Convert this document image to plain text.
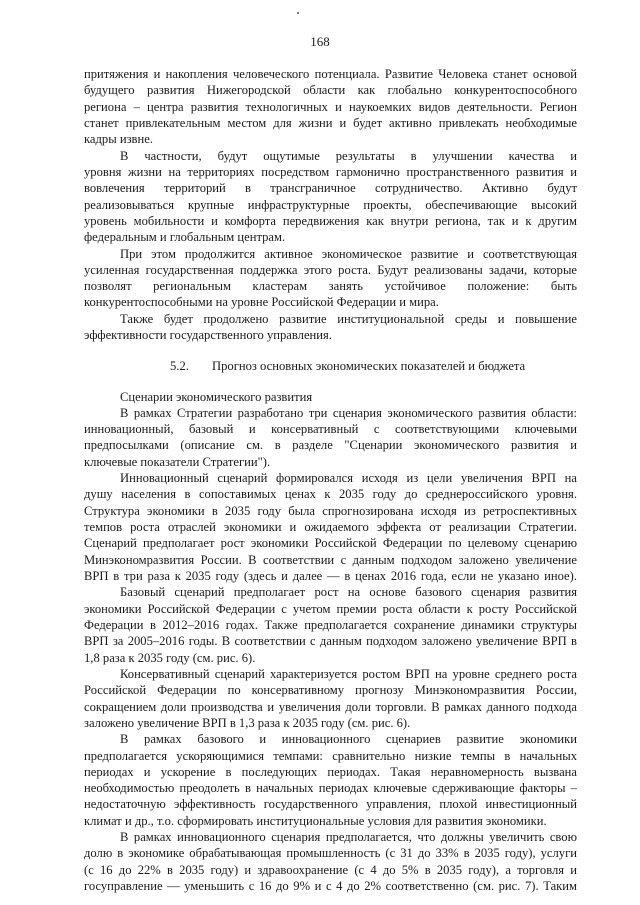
168
притяжения и накопления человеческого потенциала. Развитие Человека станет основой
будущего развития Нижегородской области как глобально конкурентоспособного
региона – центра развития технологичных и наукоемких видов деятельности. Регион
станет привлекательным местом для жизни и будет активно привлекать необходимые
кадры извне.
В частности, будут ощутимые результаты в улучшении качества и
уровня жизни на территориях посредством гармонично пространственного развития и
вовлечения территорий в трансграничное сотрудничество. Активно будут
реализовываться крупные инфраструктурные проекты, обеспечивающие высокий
уровень мобильности и комфорта передвижения как внутри региона, так и к другим
федеральным и глобальным центрам.
При этом продолжится активное экономическое развитие и соответствующая
усиленная государственная поддержка этого роста. Будут реализованы задачи, которые
позволят региональным кластерам занять устойчивое положение: быть
конкурентоспособными на уровне Российской Федерации и мира.
Также будет продолжено развитие институциональной среды и повышение
эффективности государственного управления.
5.2. Прогноз основных экономических показателей и бюджета
Сценарии экономического развития
В рамках Стратегии разработано три сценария экономического развития области:
инновационный, базовый и консервативный с соответствующими ключевыми
предпосылками (описание см. в разделе "Сценарии экономического развития и
ключевые показатели Стратегии").
Инновационный сценарий формировался исходя из цели увеличения ВРП на
душу населения в сопоставимых ценах к 2035 году до среднероссийского уровня.
Структура экономики в 2035 году была спрогнозирована исходя из ретроспективных
темпов роста отраслей экономики и ожидаемого эффекта от реализации Стратегии.
Сценарий предполагает рост экономики Российской Федерации по целевому сценарию
Минэкономразвития России. В соответствии с данным подходом заложено увеличение
ВРП в три раза к 2035 году (здесь и далее — в ценах 2016 года, если не указано иное).
Базовый сценарий предполагает рост на основе базового сценария развития
экономики Российской Федерации с учетом премии роста области к росту Российской
Федерации в 2012–2016 годах. Также предполагается сохранение динамики структуры
ВРП за 2005–2016 годы. В соответствии с данным подходом заложено увеличение ВРП в
1,8 раза к 2035 году (см. рис. 6).
Консервативный сценарий характеризуется ростом ВРП на уровне среднего роста
Российской Федерации по консервативному прогнозу Минэкономразвития России,
сокращением доли производства и увеличения доли торговли. В рамках данного подхода
заложено увеличение ВРП в 1,3 раза к 2035 году (см. рис. 6).
В рамках базового и инновационного сценариев развитие экономики
предполагается ускоряющимися темпами: сравнительно низкие темпы в начальных
периодах и ускорение в последующих периодах. Такая неравномерность вызвана
необходимостью преодолеть в начальных периодах ключевые сдерживающие факторы –
недостаточную эффективность государственного управления, плохой инвестиционный
климат и др., т.о. сформировать институциональные условия для развития экономики.
В рамках инновационного сценария предполагается, что должны увеличить свою
долю в экономике обрабатывающая промышленность (с 31 до 33% в 2035 году), услуги
(с 16 до 22% в 2035 году) и здравоохранение (с 4 до 5% в 2035 году), а торговля и
госуправление — уменьшить с 16 до 9% и с 4 до 2% соответственно (см. рис. 7). Таким
